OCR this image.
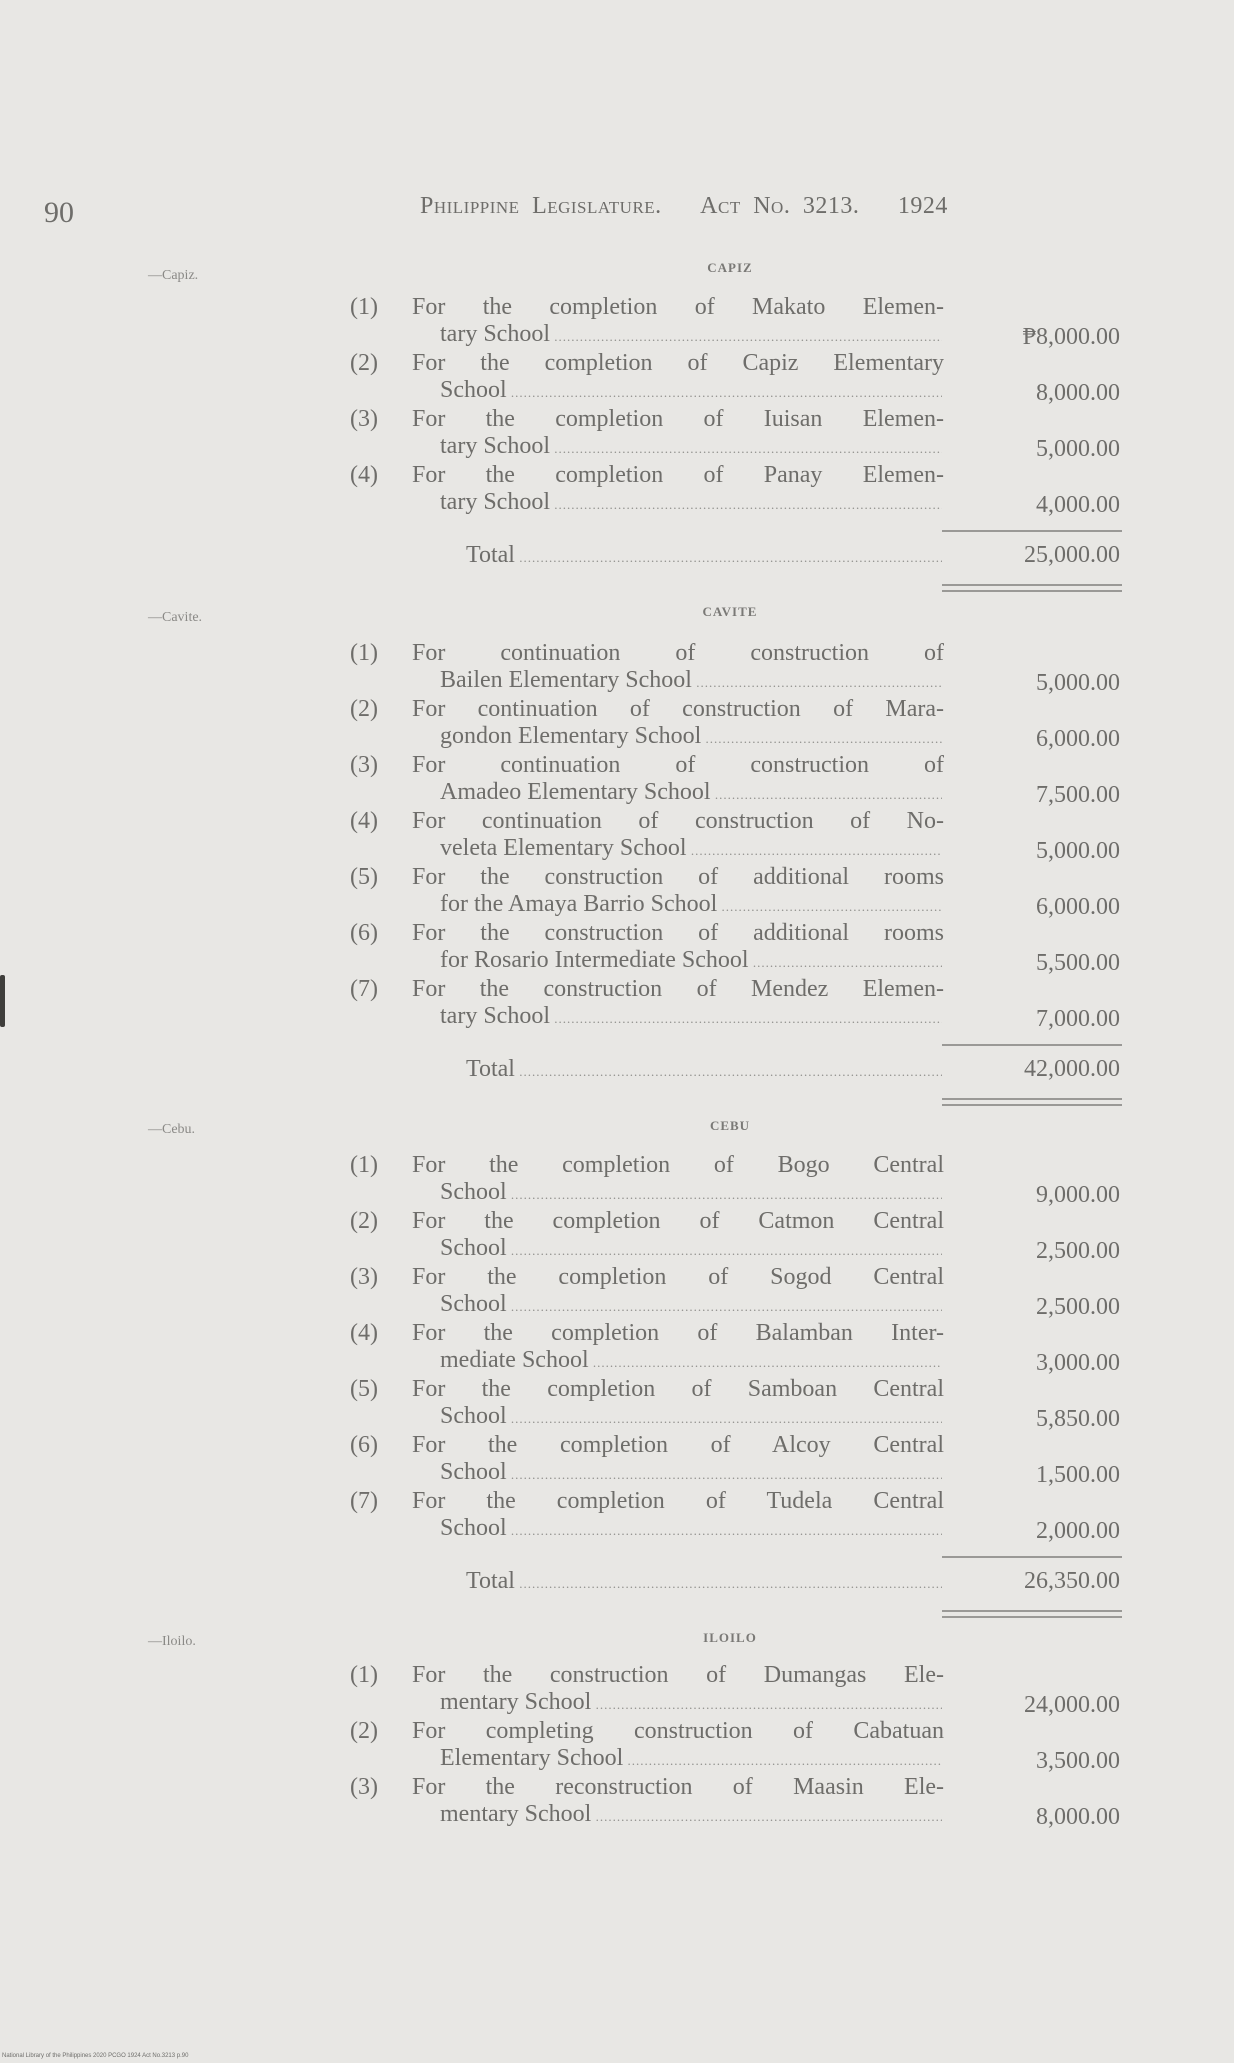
90	Philippine Legislature. Act No. 3213. 1924
—Capiz.
CAPIZ
(1)	For the completion of Makato Elemen-
tary School .....	₱8,000.00
(2)	For the completion of Capiz Elementary
School .....	8,000.00
(3)	For the completion of Iuisan Elemen-
tary School .....	5,000.00
(4)	For the completion of Panay Elemen-
tary School .....	4,000.00
Total .....	25,000.00
—Cavite.	CAVITE
(1)	For continuation of construction of
Bailen Elementary School .....	5,000.00
(2)	For continuation of construction of Mara-
gondon Elementary School .....	6,000.00
(3)	For continuation of construction of
Amadeo Elementary School .....	7,500.00
(4)	For continuation of construction of No-
veleta Elementary School .....	5,000.00
(5)	For the construction of additional rooms
for the Amaya Barrio School .....	6,000.00
(6)	For the construction of additional rooms
for Rosario Intermediate School .....	5,500.00
(7)	For the construction of Mendez Elemen-
tary School .....	7,000.00
Total .....	42,000.00
—Cebu.	CEBU
(1)	For the completion of Bogo Central
School .....	9,000.00
(2)	For the completion of Catmon Central
School .....	2,500.00
(3)	For the completion of Sogod Central
School .....	2,500.00
(4)	For the completion of Balamban Inter-
mediate School .....	3,000.00
(5)	For the completion of Samboan Central
School .....	5,850.00
(6)	For the completion of Alcoy Central
School .....	1,500.00
(7)	For the completion of Tudela Central
School .....	2,000.00
Total .....	26,350.00
—Iloilo.	ILOILO
(1)	For the construction of Dumangas Ele-
mentary School .....	24,000.00
(2)	For completing construction of Cabatuan
Elementary School .....	3,500.00
(3)	For the reconstruction of Maasin Ele-
mentary School .....	8,000.00
National Library of the Philippines 2020 PCGO 1924 Act No.3213 p.90
